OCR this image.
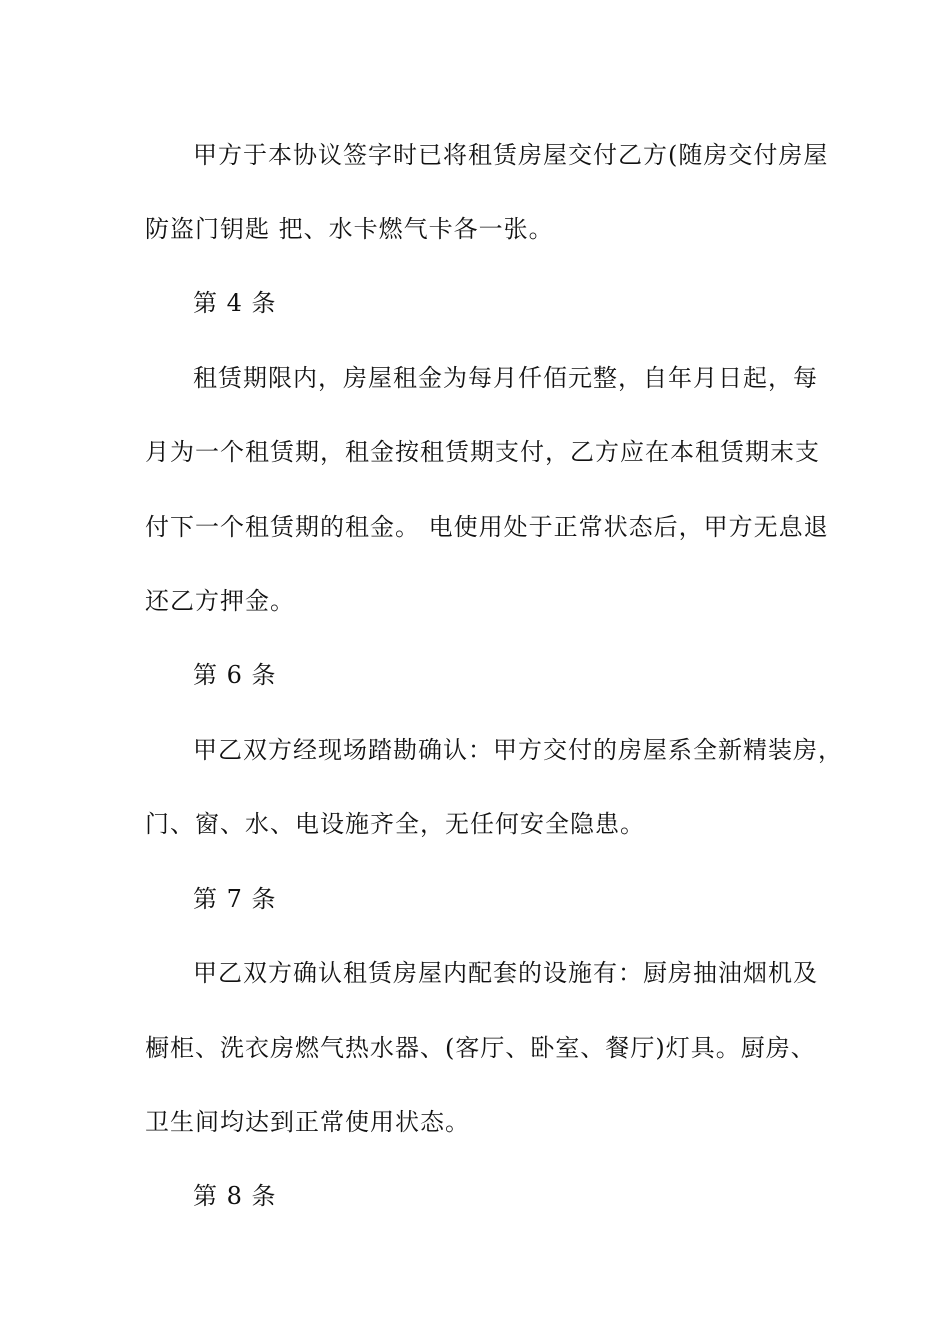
甲方于本协议签字时已将租赁房屋交付乙方(随房交付房屋
防盗门钥匙 把、水卡燃气卡各一张。
第 4 条
租赁期限内，房屋租金为每月仟佰元整，自年月日起，每
月为一个租赁期，租金按租赁期支付，乙方应在本租赁期末支
付下一个租赁期的租金。 电使用处于正常状态后，甲方无息退
还乙方押金。
第 6 条
甲乙双方经现场踏勘确认：甲方交付的房屋系全新精装房，
门、窗、水、电设施齐全，无任何安全隐患。
第 7 条
甲乙双方确认租赁房屋内配套的设施有：厨房抽油烟机及
橱柜、洗衣房燃气热水器、(客厅、卧室、餐厅)灯具。厨房、
卫生间均达到正常使用状态。
第 8 条
